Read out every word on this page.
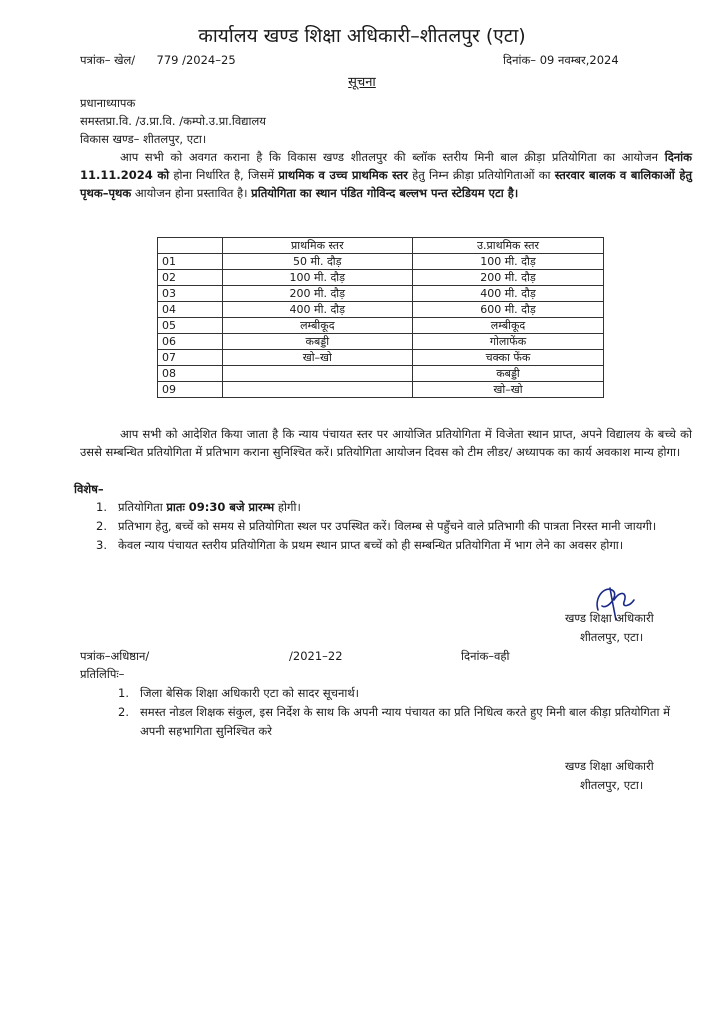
कार्यालय खण्ड शिक्षा अधिकारी–शीतलपुर (एटा)
पत्रांक– खेल/ 779 /2024–25	दिनांक– 09 नवम्बर,2024
सूचना
प्रधानाध्यापक
समस्तप्रा.वि. /उ.प्रा.वि. /कम्पो.उ.प्रा.विद्यालय
विकास खण्ड– शीतलपुर, एटा।
आप सभी को अवगत कराना है कि विकास खण्ड शीतलपुर की ब्लॉक स्तरीय मिनी बाल क्रीड़ा प्रतियोगिता का आयोजन दिनांक 11.11.2024 को होना निर्धारित है, जिसमें प्राथमिक व उच्च प्राथमिक स्तर हेतु निम्न क्रीड़ा प्रतियोगिताओं का स्तरवार बालक व बालिकाओं हेतु पृथक–पृथक आयोजन होना प्रस्तावित है। प्रतियोगिता का स्थान पंडित गोविन्द बल्लभ पन्त स्टेडियम एटा है।
	प्राथमिक स्तर	उ.प्राथमिक स्तर
01	50 मी. दौड़	100 मी. दौड़
02	100 मी. दौड़	200 मी. दौड़
03	200 मी. दौड़	400 मी. दौड़
04	400 मी. दौड़	600 मी. दौड़
05	लम्बीकूद	लम्बीकूद
06	कबड्डी	गोलाफेंक
07	खो–खो	चक्का फेंक
08		कबड्डी
09		खो–खो
आप सभी को आदेशित किया जाता है कि न्याय पंचायत स्तर पर आयोजित प्रतियोगिता में विजेता स्थान प्राप्त, अपने विद्यालय के बच्चे को उससे सम्बन्धित प्रतियोगिता में प्रतिभाग कराना सुनिश्चित करें। प्रतियोगिता आयोजन दिवस को टीम लीडर/ अध्यापक का कार्य अवकाश मान्य होगा।
विशेष–
1. प्रतियोगिता प्रातः 09:30 बजे प्रारम्भ होगी।
2. प्रतिभाग हेतु, बच्चें को समय से प्रतियोगिता स्थल पर उपस्थित करें। विलम्ब से पहुँचने वाले प्रतिभागी की पात्रता निरस्त मानी जायगी।
3. केवल न्याय पंचायत स्तरीय प्रतियोगिता के प्रथम स्थान प्राप्त बच्चें को ही सम्बन्धित प्रतियोगिता में भाग लेने का अवसर होगा।
खण्ड शिक्षा अधिकारी
शीतलपुर, एटा।
पत्रांक–अधिष्ठान/	/2021–22	दिनांक–वही
प्रतिलिपिः–
1. जिला बेसिक शिक्षा अधिकारी एटा को सादर सूचनार्थ।
2. समस्त नोडल शिक्षक संकुल, इस निर्देश के साथ कि अपनी न्याय पंचायत का प्रति निधित्व करते हुए मिनी बाल कीड़ा प्रतियोगिता में अपनी सहभागिता सुनिश्चित करे
खण्ड शिक्षा अधिकारी
शीतलपुर, एटा।
